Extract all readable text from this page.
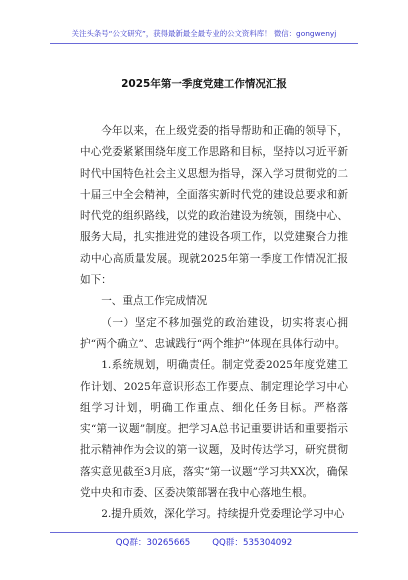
关注头条号“公文研究”，获得最新最全最专业的公文资料库！ 微信：gongwenyj
2025年第一季度党建工作情况汇报

今年以来，在上级党委的指导帮助和正确的领导下，中心党委紧紧围绕年度工作思路和目标，坚持以习近平新时代中国特色社会主义思想为指导，深入学习贯彻党的二十届三中全会精神，全面落实新时代党的建设总要求和新时代党的组织路线，以党的政治建设为统领，围绕中心、服务大局，扎实推进党的建设各项工作，以党建聚合力推动中心高质量发展。现就2025年第一季度工作情况汇报如下：

一、重点工作完成情况

（一）坚定不移加强党的政治建设，切实将衷心拥护“两个确立”、忠诚践行“两个维护”体现在具体行动中。

1.系统规划，明确责任。制定党委2025年度党建工作计划、2025年意识形态工作要点、制定理论学习中心组学习计划，明确工作重点、细化任务目标。严格落实“第一议题”制度。把学习A总书记重要讲话和重要指示批示精神作为会议的第一议题，及时传达学习，研究贯彻落实意见截至3月底，落实“第一议题”学习共XX次，确保党中央和市委、区委决策部署在我中心落地生根。

2.提升质效，深化学习。持续提升党委理论学习中心

QQ群：30265665	QQ群：535304092
